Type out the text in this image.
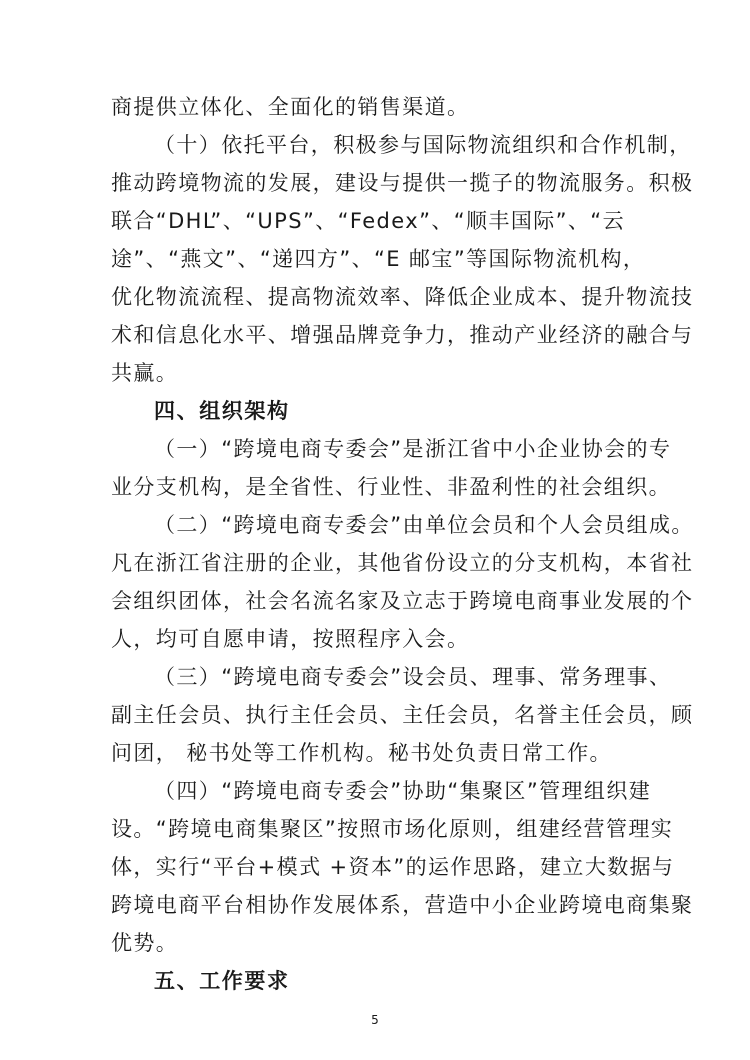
商提供立体化、全面化的销售渠道。
（十）依托平台，积极参与国际物流组织和合作机制，
推动跨境物流的发展，建设与提供一揽子的物流服务。积极
联合“DHL”、“UPS”、“Fedex”、“顺丰国际”、“云
途”、“燕文”、“递四方”、“E 邮宝”等国际物流机构，
优化物流流程、提高物流效率、降低企业成本、提升物流技
术和信息化水平、增强品牌竞争力，推动产业经济的融合与
共赢。
四、组织架构
（一）“跨境电商专委会”是浙江省中小企业协会的专
业分支机构，是全省性、行业性、非盈利性的社会组织。
（二）“跨境电商专委会”由单位会员和个人会员组成。
凡在浙江省注册的企业，其他省份设立的分支机构，本省社
会组织团体，社会名流名家及立志于跨境电商事业发展的个
人，均可自愿申请，按照程序入会。
（三）“跨境电商专委会”设会员、理事、常务理事、
副主任会员、执行主任会员、主任会员，名誉主任会员，顾
问团， 秘书处等工作机构。秘书处负责日常工作。
（四）“跨境电商专委会”协助“集聚区”管理组织建
设。“跨境电商集聚区”按照市场化原则，组建经营管理实
体，实行“平台+模式 +资本”的运作思路，建立大数据与
跨境电商平台相协作发展体系，营造中小企业跨境电商集聚
优势。
五、工作要求
5
